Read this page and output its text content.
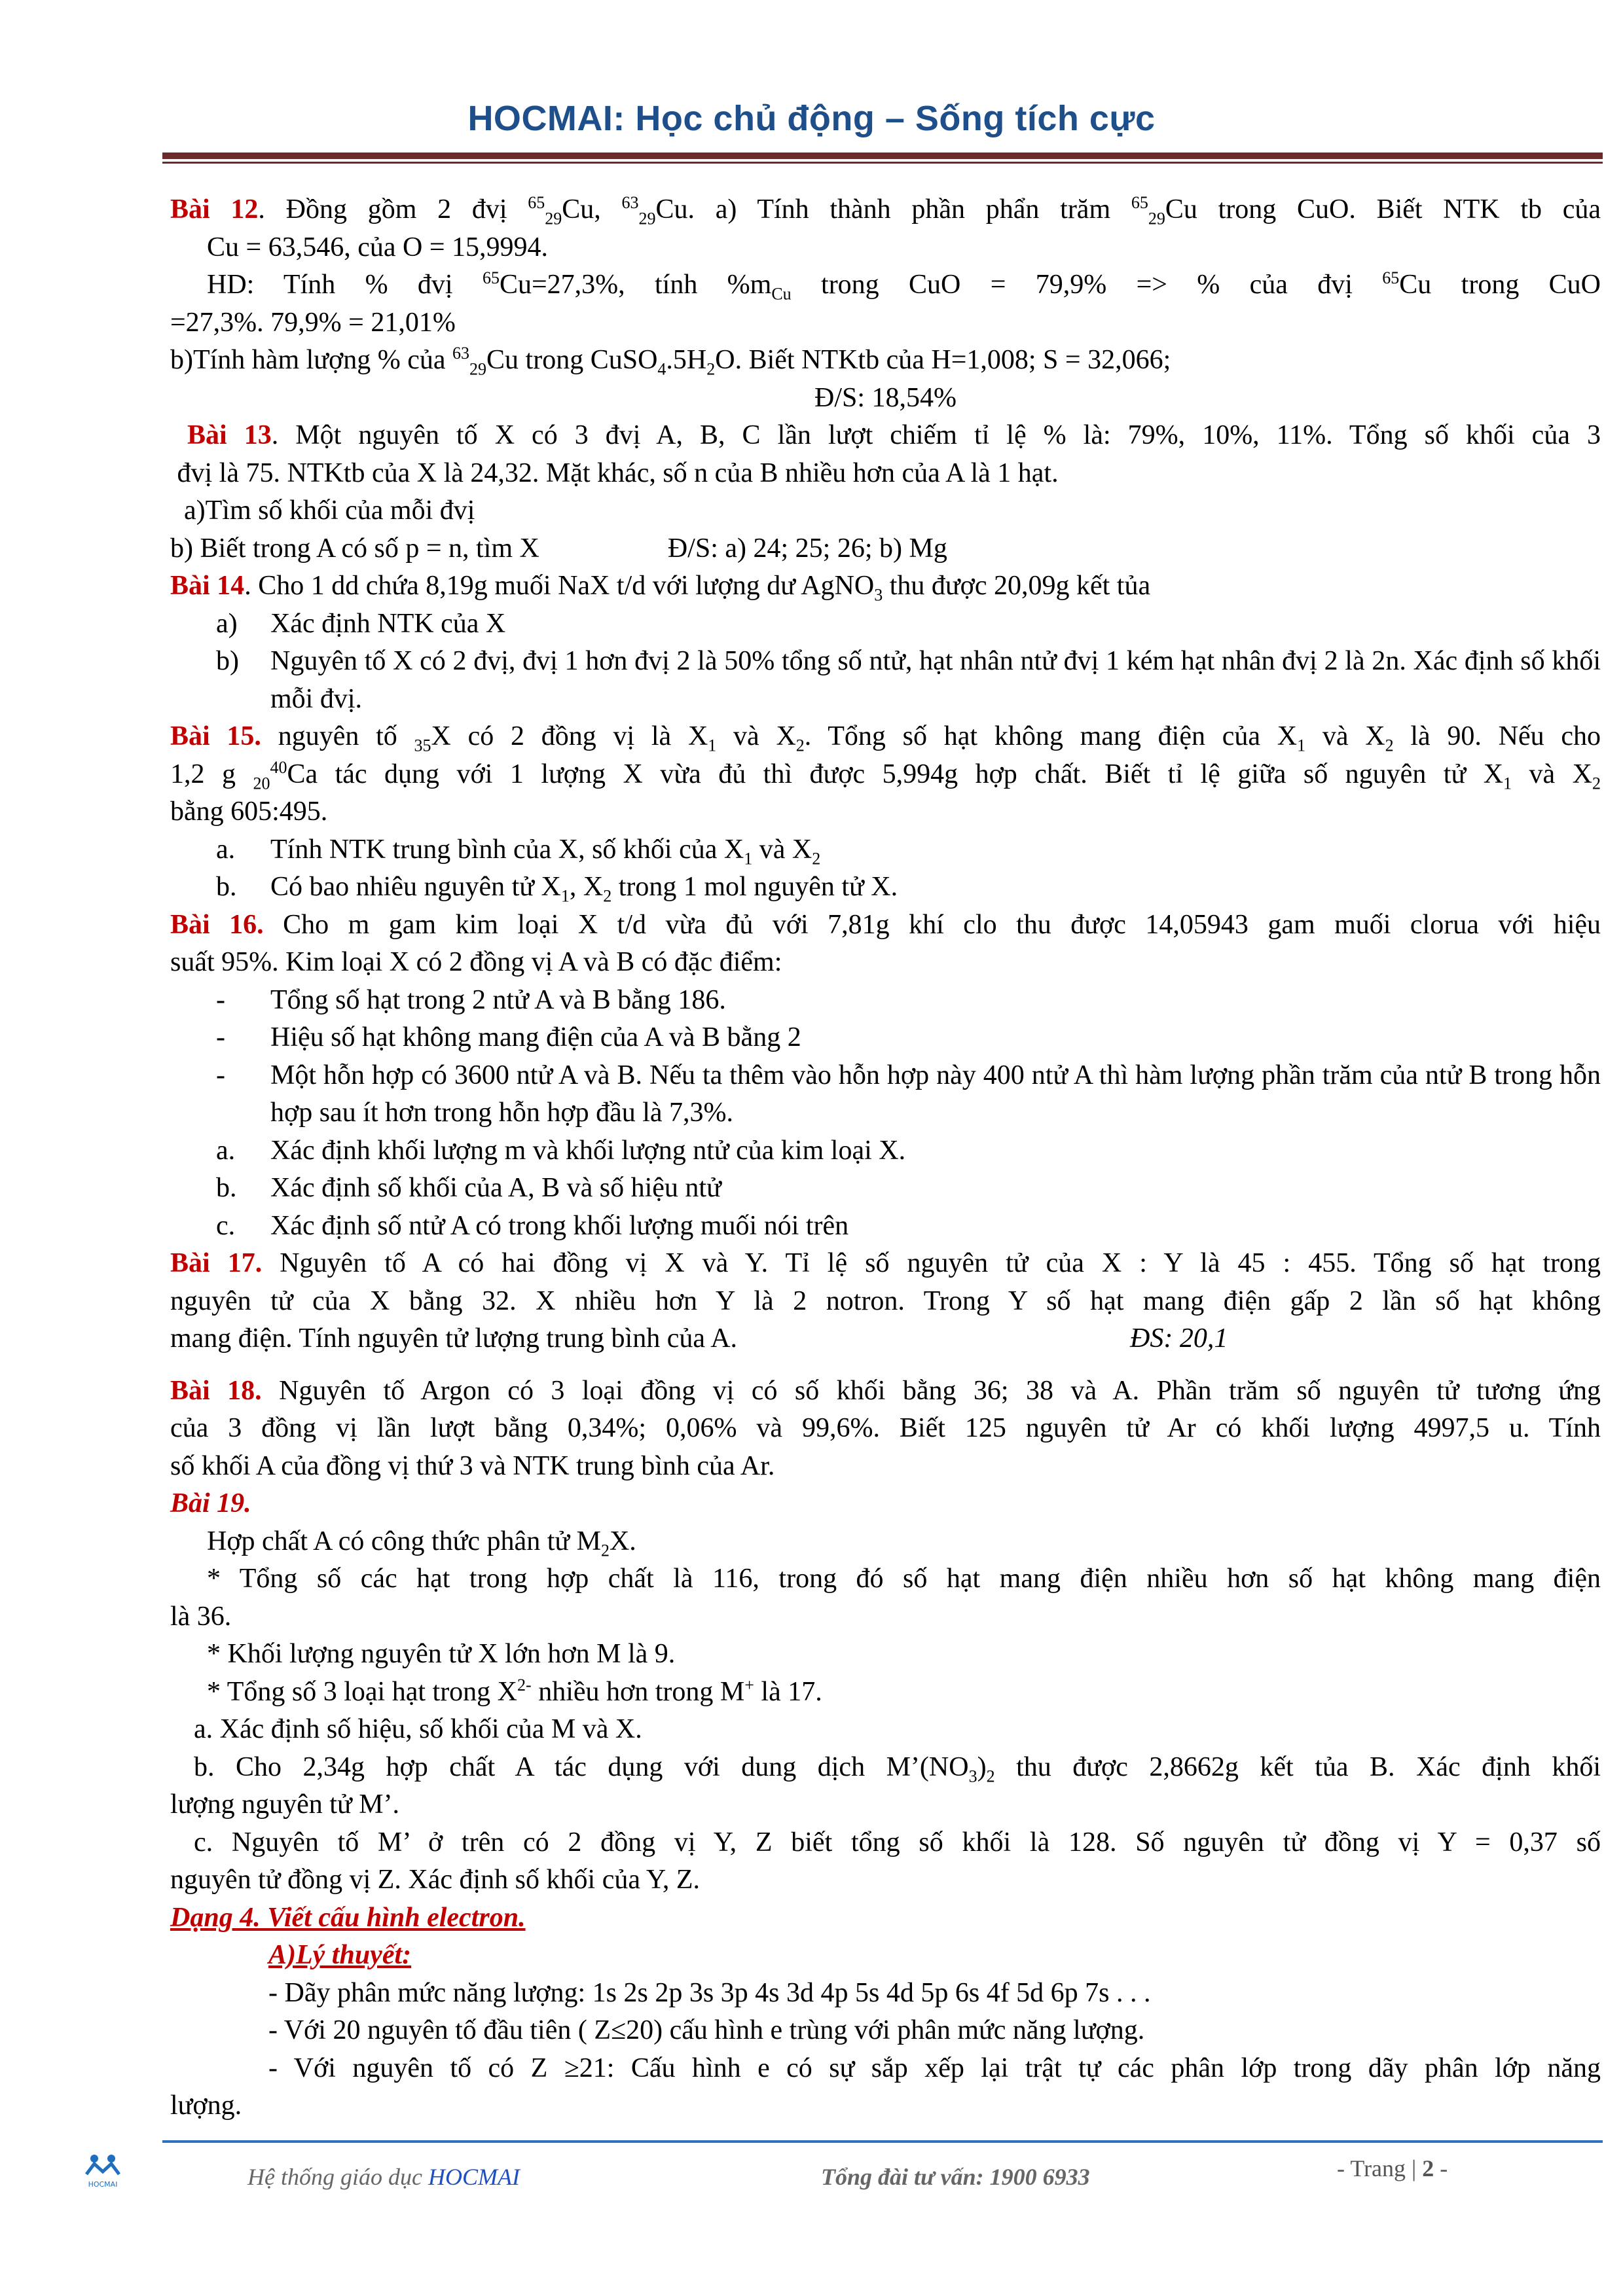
HOCMAI: Học chủ động – Sống tích cực

Bài 12. Đồng gồm 2 đvị $^{65}_{29}$Cu, $^{63}_{29}$Cu. a) Tính thành phần phẩn trăm $^{65}_{29}$Cu trong CuO. Biết NTK tb của

Cu = 63,546, của O = 15,9994.

HD: Tính % đvị $^{65}$Cu=27,3%, tính $\%m_{Cu}$ trong CuO = 79,9% => % của đvị $^{65}$Cu trong CuO

=27,3%. 79,9% = 21,01%

b)Tính hàm lượng % của $^{63}_{29}$Cu trong $CuSO_4.5H_2O$. Biết NTKtb của H=1,008; S = 32,066;

Đ/S: 18,54%

Bài 13. Một nguyên tố X có 3 đvị A, B, C lần lượt chiếm tỉ lệ % là: 79%, 10%, 11%. Tổng số khối của 3

đvị là 75. NTKtb của X là 24,32. Mặt khác, số n của B nhiều hơn của A là 1 hạt.

a)Tìm số khối của mỗi đvị

b) Biết trong A có số p = n, tìm X	Đ/S: a) 24; 25; 26; b) Mg

Bài 14. Cho 1 dd chứa 8,19g muối NaX t/d với lượng dư AgNO$_3$ thu được 20,09g kết tủa

a) Xác định NTK của X
b) Nguyên tố X có 2 đvị, đvị 1 hơn đvị 2 là 50% tổng số ntử, hạt nhân ntử đvị 1 kém hạt nhân đvị 2 là 2n. Xác định số khối mỗi đvị.

Bài 15. nguyên tố $_{35}$X có 2 đồng vị là $X_1$ và $X_2$. Tổng số hạt không mang điện của $X_1$ và $X_2$ là 90. Nếu cho

1,2 g $_{20}^{40}$Ca tác dụng với 1 lượng X vừa đủ thì được 5,994g hợp chất. Biết tỉ lệ giữa số nguyên tử $X_1$ và $X_2$

bằng 605:495.

a. Tính NTK trung bình của X, số khối của $X_1$ và $X_2$
b. Có bao nhiêu nguyên tử $X_1$, $X_2$ trong 1 mol nguyên tử X.

Bài 16. Cho m gam kim loại X t/d vừa đủ với 7,81g khí clo thu được 14,05943 gam muối clorua với hiệu

suất 95%. Kim loại X có 2 đồng vị A và B có đặc điểm:

- Tổng số hạt trong 2 ntử A và B bằng 186.
- Hiệu số hạt không mang điện của A và B bằng 2
- Một hỗn hợp có 3600 ntử A và B. Nếu ta thêm vào hỗn hợp này 400 ntử A thì hàm lượng phần trăm của ntử B trong hỗn hợp sau ít hơn trong hỗn hợp đầu là 7,3%.
a. Xác định khối lượng m và khối lượng ntử của kim loại X.
b. Xác định số khối của A, B và số hiệu ntử
c. Xác định số ntử A có trong khối lượng muối nói trên

Bài 17. Nguyên tố A có hai đồng vị X và Y. Tỉ lệ số nguyên tử của X : Y là 45 : 455. Tổng số hạt trong

nguyên tử của X bằng 32. X nhiều hơn Y là 2 notron. Trong Y số hạt mang điện gấp 2 lần số hạt không

mang điện. Tính nguyên tử lượng trung bình của A.	ĐS: 20,1

Bài 18. Nguyên tố Argon có 3 loại đồng vị có số khối bằng 36; 38 và A. Phần trăm số nguyên tử tương ứng

của 3 đồng vị lần lượt bằng 0,34%; 0,06% và 99,6%. Biết 125 nguyên tử Ar có khối lượng 4997,5 u. Tính

số khối A của đồng vị thứ 3 và NTK trung bình của Ar.

Bài 19.

Hợp chất A có công thức phân tử $M_2X$.

* Tổng số các hạt trong hợp chất là 116, trong đó số hạt mang điện nhiều hơn số hạt không mang điện

là 36.

* Khối lượng nguyên tử X lớn hơn M là 9.

* Tổng số 3 loại hạt trong $X^{2-}$ nhiều hơn trong M+ là 17.

a. Xác định số hiệu, số khối của M và X.

b. Cho 2,34g hợp chất A tác dụng với dung dịch $M’(NO_3)_2$ thu được 2,8662g kết tủa B. Xác định khối

lượng nguyên tử M’.

c. Nguyên tố M’ ở trên có 2 đồng vị Y, Z biết tổng số khối là 128. Số nguyên tử đồng vị Y = 0,37 số

nguyên tử đồng vị Z. Xác định số khối của Y, Z.

Dạng 4. Viết cấu hình electron.

A)Lý thuyết:

- Dãy phân mức năng lượng: 1s 2s 2p 3s 3p 4s 3d 4p 5s 4d 5p 6s 4f 5d 6p 7s . . .

- Với 20 nguyên tố đầu tiên ( Z≤20) cấu hình e trùng với phân mức năng lượng.

- Với nguyên tố có Z ≥21: Cấu hình e có sự sắp xếp lại trật tự các phân lớp trong dãy phân lớp năng

lượng.

HOCMAI	Hệ thống giáo dục HOCMAI	Tổng đài tư vấn: 1900 6933	- Trang | 2 -
